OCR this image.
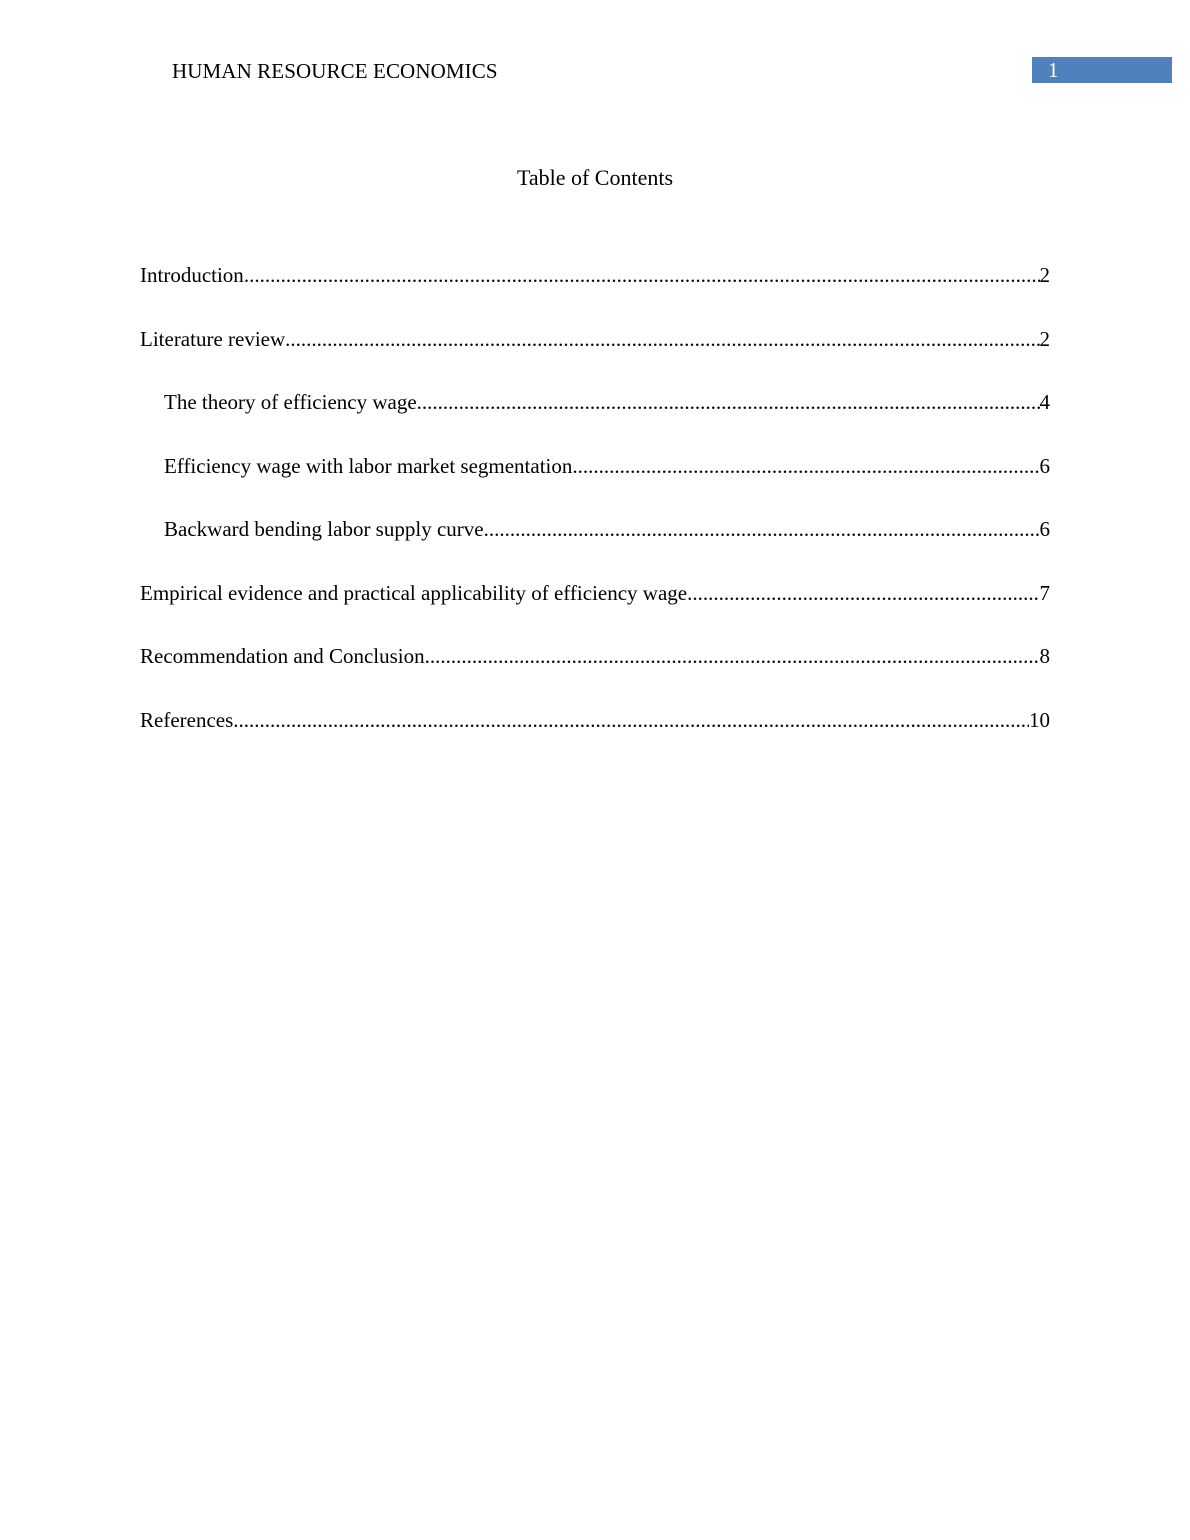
HUMAN RESOURCE ECONOMICS	1
Table of Contents
Introduction .....	2
Literature review .....	2
The theory of efficiency wage .....	4
Efficiency wage with labor market segmentation .....	6
Backward bending labor supply curve .....	6
Empirical evidence and practical applicability of efficiency wage .....	7
Recommendation and Conclusion .....	8
References .....	10
